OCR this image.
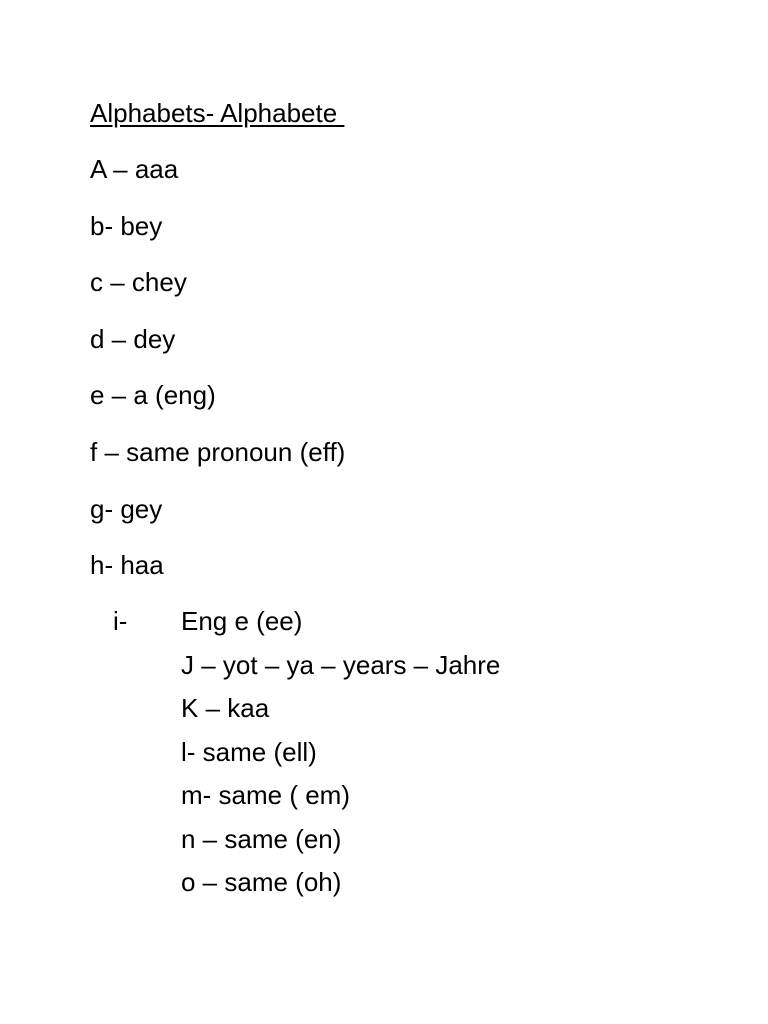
Alphabets- Alphabete
A – aaa
b- bey
c – chey
d – dey
e – a (eng)
f – same pronoun (eff)
g- gey
h- haa
i- Eng e (ee)
J – yot – ya – years – Jahre
K – kaa
l- same (ell)
m- same ( em)
n – same (en)
o – same (oh)
